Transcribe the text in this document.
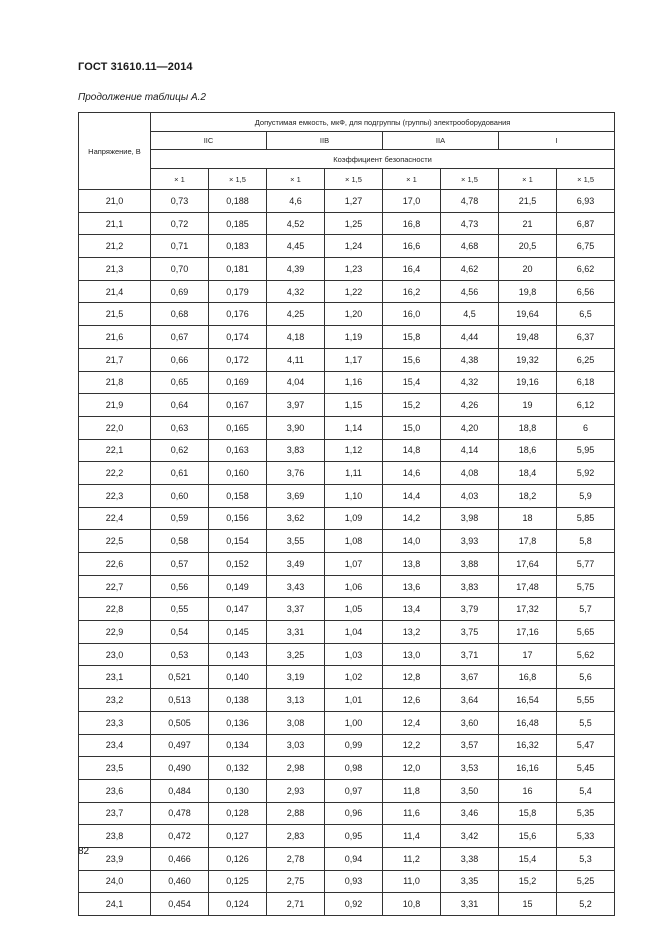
ГОСТ 31610.11—2014
Продолжение таблицы А.2
Напряжение, В	Допустимая емкость, мкФ, для подгруппы (группы) электрооборудования							
	IIC		IIB		IIA		I	
	Коэффициент безопасности							
	× 1	× 1,5	× 1	× 1,5	× 1	× 1,5	× 1	× 1,5
21,0	0,73	0,188	4,6	1,27	17,0	4,78	21,5	6,93
21,1	0,72	0,185	4,52	1,25	16,8	4,73	21	6,87
21,2	0,71	0,183	4,45	1,24	16,6	4,68	20,5	6,75
21,3	0,70	0,181	4,39	1,23	16,4	4,62	20	6,62
21,4	0,69	0,179	4,32	1,22	16,2	4,56	19,8	6,56
21,5	0,68	0,176	4,25	1,20	16,0	4,5	19,64	6,5
21,6	0,67	0,174	4,18	1,19	15,8	4,44	19,48	6,37
21,7	0,66	0,172	4,11	1,17	15,6	4,38	19,32	6,25
21,8	0,65	0,169	4,04	1,16	15,4	4,32	19,16	6,18
21,9	0,64	0,167	3,97	1,15	15,2	4,26	19	6,12
22,0	0,63	0,165	3,90	1,14	15,0	4,20	18,8	6
22,1	0,62	0,163	3,83	1,12	14,8	4,14	18,6	5,95
22,2	0,61	0,160	3,76	1,11	14,6	4,08	18,4	5,92
22,3	0,60	0,158	3,69	1,10	14,4	4,03	18,2	5,9
22,4	0,59	0,156	3,62	1,09	14,2	3,98	18	5,85
22,5	0,58	0,154	3,55	1,08	14,0	3,93	17,8	5,8
22,6	0,57	0,152	3,49	1,07	13,8	3,88	17,64	5,77
22,7	0,56	0,149	3,43	1,06	13,6	3,83	17,48	5,75
22,8	0,55	0,147	3,37	1,05	13,4	3,79	17,32	5,7
22,9	0,54	0,145	3,31	1,04	13,2	3,75	17,16	5,65
23,0	0,53	0,143	3,25	1,03	13,0	3,71	17	5,62
23,1	0,521	0,140	3,19	1,02	12,8	3,67	16,8	5,6
23,2	0,513	0,138	3,13	1,01	12,6	3,64	16,54	5,55
23,3	0,505	0,136	3,08	1,00	12,4	3,60	16,48	5,5
23,4	0,497	0,134	3,03	0,99	12,2	3,57	16,32	5,47
23,5	0,490	0,132	2,98	0,98	12,0	3,53	16,16	5,45
23,6	0,484	0,130	2,93	0,97	11,8	3,50	16	5,4
23,7	0,478	0,128	2,88	0,96	11,6	3,46	15,8	5,35
23,8	0,472	0,127	2,83	0,95	11,4	3,42	15,6	5,33
23,9	0,466	0,126	2,78	0,94	11,2	3,38	15,4	5,3
24,0	0,460	0,125	2,75	0,93	11,0	3,35	15,2	5,25
24,1	0,454	0,124	2,71	0,92	10,8	3,31	15	5,2
82
